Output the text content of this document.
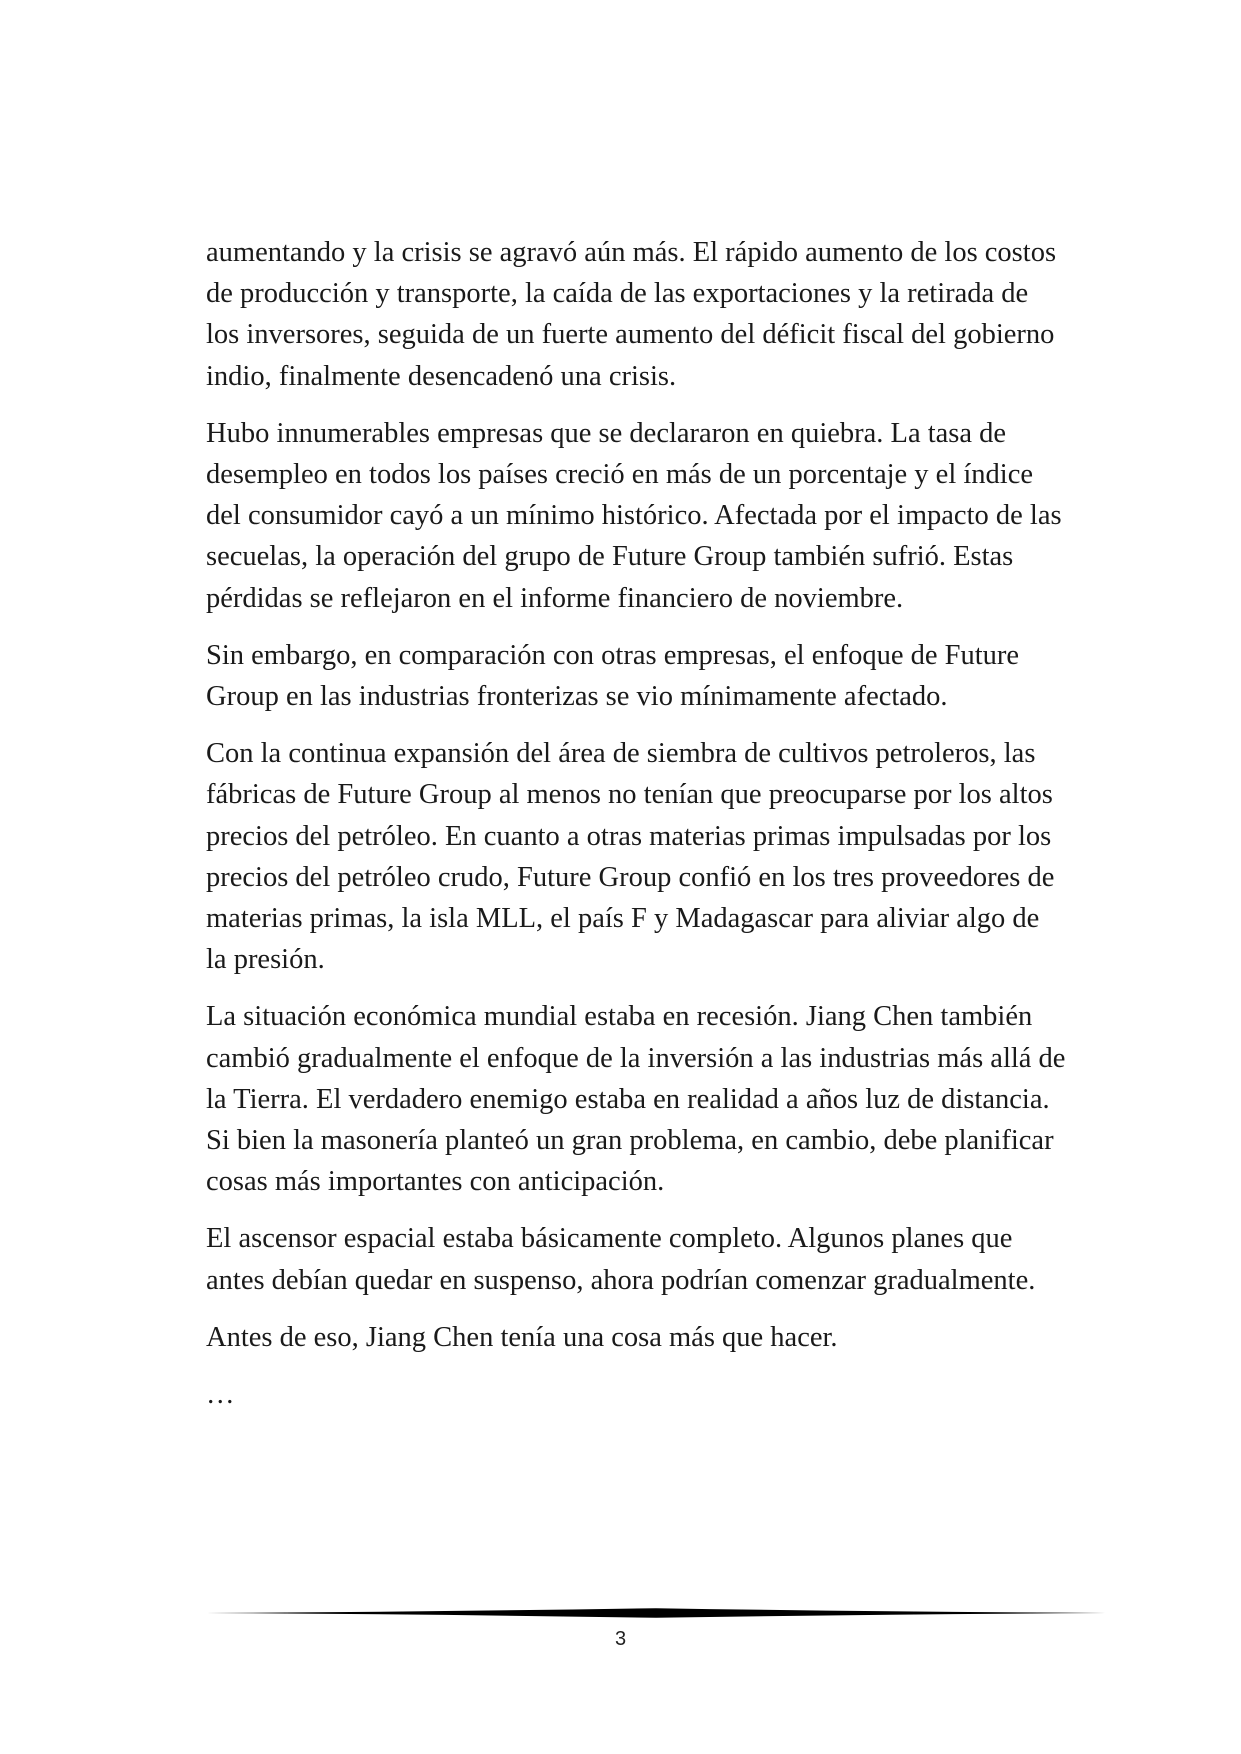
aumentando y la crisis se agravó aún más. El rápido aumento de los costos de producción y transporte, la caída de las exportaciones y la retirada de los inversores, seguida de un fuerte aumento del déficit fiscal del gobierno indio, finalmente desencadenó una crisis.

Hubo innumerables empresas que se declararon en quiebra. La tasa de desempleo en todos los países creció en más de un porcentaje y el índice del consumidor cayó a un mínimo histórico. Afectada por el impacto de las secuelas, la operación del grupo de Future Group también sufrió. Estas pérdidas se reflejaron en el informe financiero de noviembre.

Sin embargo, en comparación con otras empresas, el enfoque de Future Group en las industrias fronterizas se vio mínimamente afectado.

Con la continua expansión del área de siembra de cultivos petroleros, las fábricas de Future Group al menos no tenían que preocuparse por los altos precios del petróleo. En cuanto a otras materias primas impulsadas por los precios del petróleo crudo, Future Group confió en los tres proveedores de materias primas, la isla MLL, el país F y Madagascar para aliviar algo de la presión.

La situación económica mundial estaba en recesión. Jiang Chen también cambió gradualmente el enfoque de la inversión a las industrias más allá de la Tierra. El verdadero enemigo estaba en realidad a años luz de distancia. Si bien la masonería planteó un gran problema, en cambio, debe planificar cosas más importantes con anticipación.

El ascensor espacial estaba básicamente completo. Algunos planes que antes debían quedar en suspenso, ahora podrían comenzar gradualmente.

Antes de eso, Jiang Chen tenía una cosa más que hacer.

…

3
